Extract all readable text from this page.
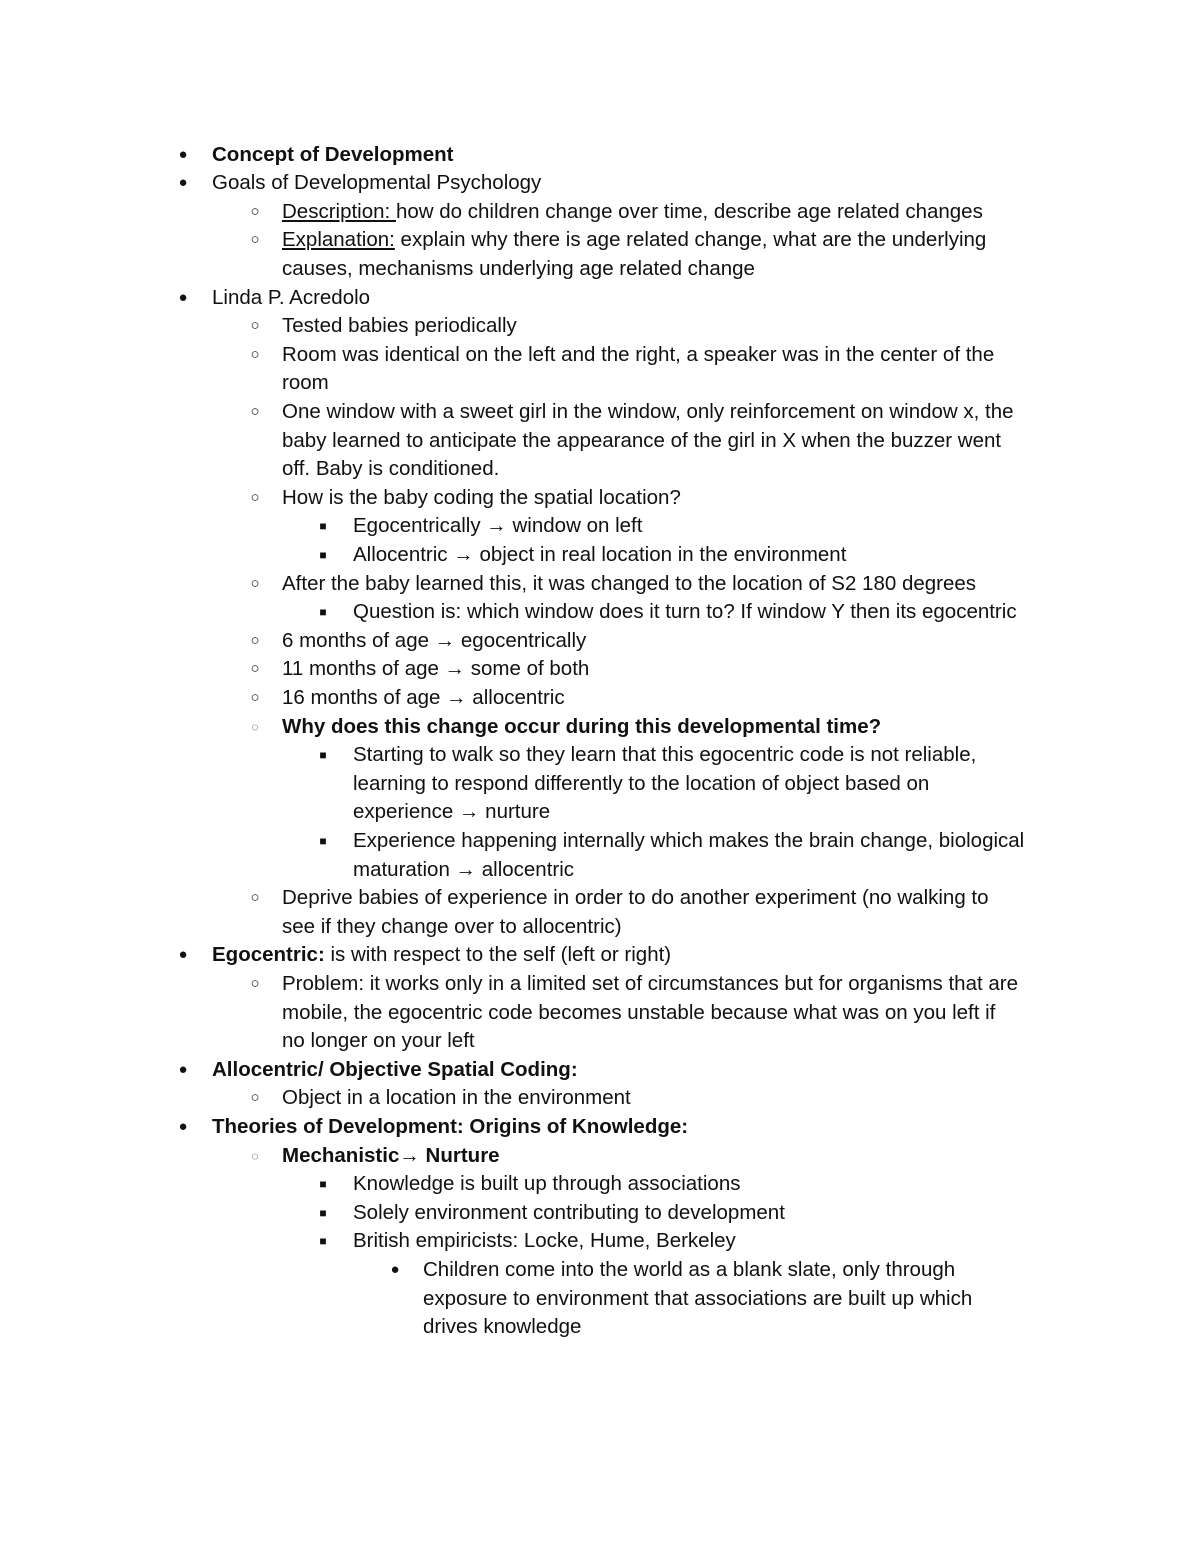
● Concept of Development
● Goals of Developmental Psychology
○ Description: how do children change over time, describe age related changes
○ Explanation: explain why there is age related change, what are the underlying
causes, mechanisms underlying age related change
● Linda P. Acredolo
○ Tested babies periodically
○ Room was identical on the left and the right, a speaker was in the center of the
room
○ One window with a sweet girl in the window, only reinforcement on window x, the
baby learned to anticipate the appearance of the girl in X when the buzzer went
off. Baby is conditioned.
○ How is the baby coding the spatial location?
■	Egocentrically → window on left
■	Allocentric → object in real location in the environment
○ After the baby learned this, it was changed to the location of S2 180 degrees
■	Question is: which window does it turn to? If window Y then its egocentric
○ 6 months of age → egocentrically
○ 11 months of age → some of both
○ 16 months of age → allocentric
◌	Why does this change occur during this developmental time?
■	Starting to walk so they learn that this egocentric code is not reliable,
learning to respond differently to the location of object based on
experience → nurture
■	Experience happening internally which makes the brain change, biological
maturation → allocentric
○ Deprive babies of experience in order to do another experiment (no walking to
see if they change over to allocentric)
● Egocentric: is with respect to the self (left or right)
○ Problem: it works only in a limited set of circumstances but for organisms that are
mobile, the egocentric code becomes unstable because what was on you left if
no longer on your left
● Allocentric/ Objective Spatial Coding:
○ Object in a location in the environment
● Theories of Development: Origins of Knowledge:
◌	Mechanistic→ Nurture
■	Knowledge is built up through associations
■	Solely environment contributing to development
■	British empiricists: Locke, Hume, Berkeley
● Children come into the world as a blank slate, only through
exposure to environment that associations are built up which
drives knowledge
